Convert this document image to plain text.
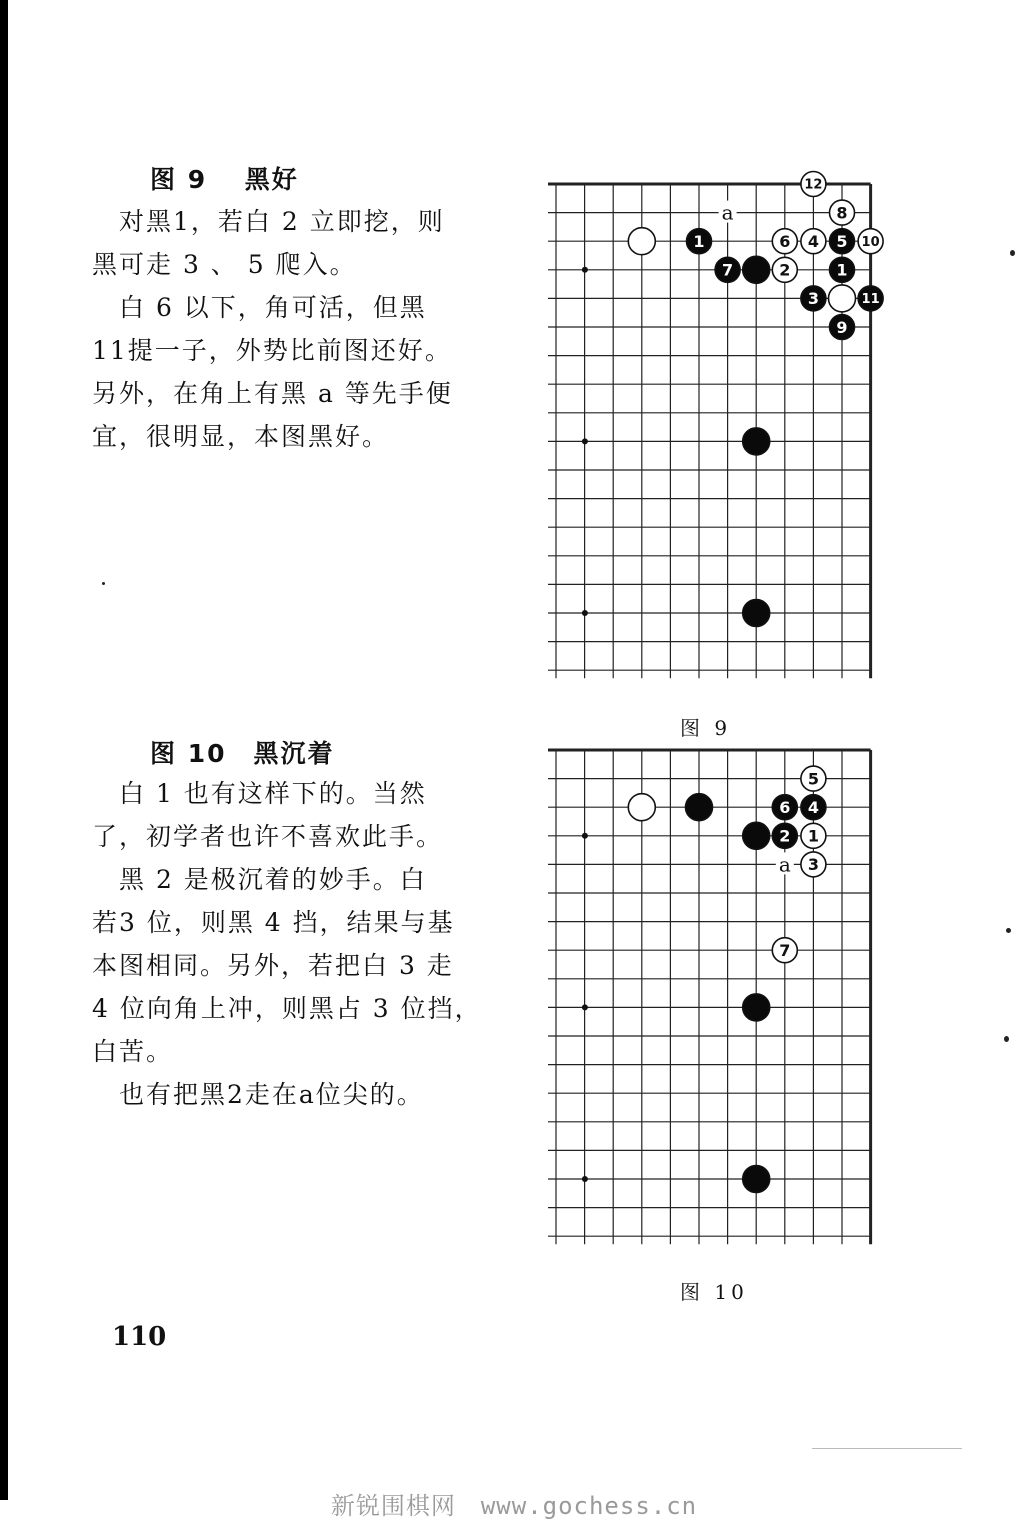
图 9　 黑好
　对黑1，若白 2 立即挖，则
黑可走 3 、 5 爬入。
　白 6 以下，角可活，但黑
11提一子，外势比前图还好。
另外，在角上有黑 a 等先手便
宜，很明显，本图黑好。
a
1
7	2
6 4 5 10
1
3	11
9
8
12
图 9
图 10　黑沉着
　白 1 也有这样下的。当然
了，初学者也许不喜欢此手。
　黑 2 是极沉着的妙手。白
若3 位，则黑 4 挡，结果与基
本图相同。另外，若把白 3 走
4 位向角上冲，则黑占 3 位挡，
白苦。
　也有把黑2走在a位尖的。
a
2 1
3
6 4
5
7
图 10
110
新锐围棋网　www.gochess.cn
